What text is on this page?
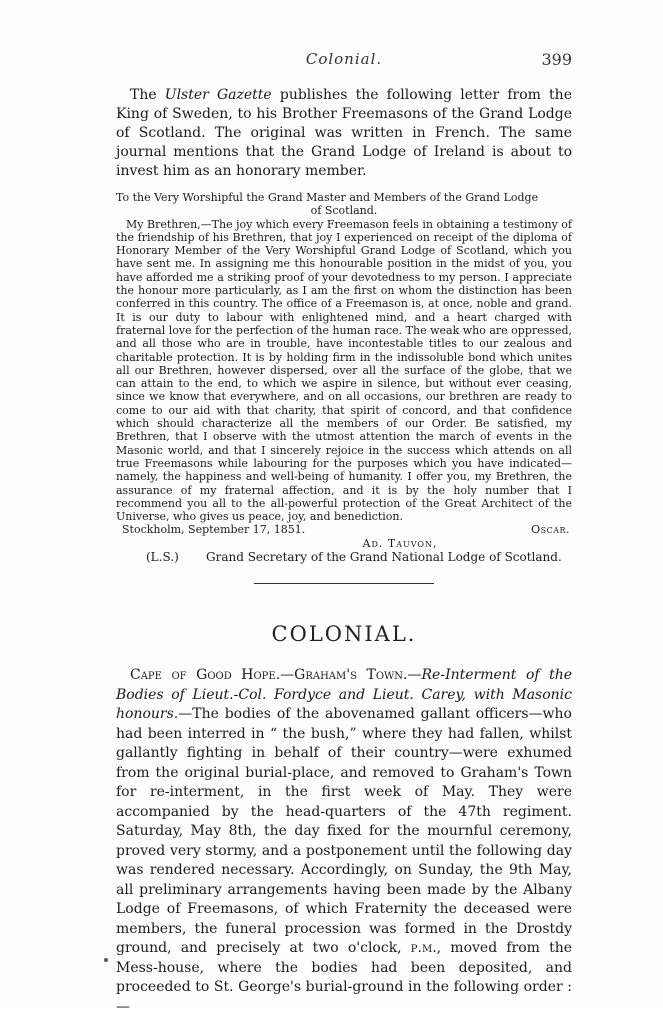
Colonial.	399

The Ulster Gazette publishes the following letter from the King of Sweden, to his Brother Freemasons of the Grand Lodge of Scotland. The original was written in French. The same journal mentions that the Grand Lodge of Ireland is about to invest him as an honorary member.

To the Very Worshipful the Grand Master and Members of the Grand Lodge

of Scotland.

My Brethren,—The joy which every Freemason feels in obtaining a testimony of the friendship of his Brethren, that joy I experienced on receipt of the diploma of Honorary Member of the Very Worshipful Grand Lodge of Scotland, which you have sent me. In assigning me this honourable position in the midst of you, you have afforded me a striking proof of your devotedness to my person. I appreciate the honour more particularly, as I am the first on whom the distinction has been conferred in this country. The office of a Freemason is, at once, noble and grand. It is our duty to labour with enlightened mind, and a heart charged with fraternal love for the perfection of the human race. The weak who are oppressed, and all those who are in trouble, have incontestable titles to our zealous and charitable protection. It is by holding firm in the indissoluble bond which unites all our Brethren, however dispersed, over all the surface of the globe, that we can attain to the end, to which we aspire in silence, but without ever ceasing, since we know that everywhere, and on all occasions, our brethren are ready to come to our aid with that charity, that spirit of concord, and that confidence which should characterize all the members of our Order. Be satisfied, my Brethren, that I observe with the utmost attention the march of events in the Masonic world, and that I sincerely rejoice in the success which attends on all true Freemasons while labouring for the purposes which you have indicated—namely, the happiness and well-being of humanity. I offer you, my Brethren, the assurance of my fraternal affection, and it is by the holy number that I recommend you all to the all-powerful protection of the Great Architect of the Universe, who gives us peace, joy, and benediction.

Stockholm, September 17, 1851.	Oscar.

Ad. Tauvon,

(L.S.) Grand Secretary of the Grand National Lodge of Scotland.
COLONIAL.

Cape of Good Hope.—Graham's Town.—Re-Interment of the Bodies of Lieut.-Col. Fordyce and Lieut. Carey, with Masonic honours.—The bodies of the abovenamed gallant officers—who had been interred in “ the bush,” where they had fallen, whilst gallantly fighting in behalf of their country—were exhumed from the original burial-place, and removed to Graham's Town for re-interment, in the first week of May. They were accompanied by the head-quarters of the 47th regiment. Saturday, May 8th, the day fixed for the mournful ceremony, proved very stormy, and a postponement until the following day was rendered necessary. Accordingly, on Sunday, the 9th May, all preliminary arrangements having been made by the Albany Lodge of Freemasons, of which Fraternity the deceased were members, the funeral procession was formed in the Drostdy ground, and precisely at two o'clock, p.m., moved from the Mess-house, where the bodies had been deposited, and proceeded to St. George's burial-ground in the following order :—
